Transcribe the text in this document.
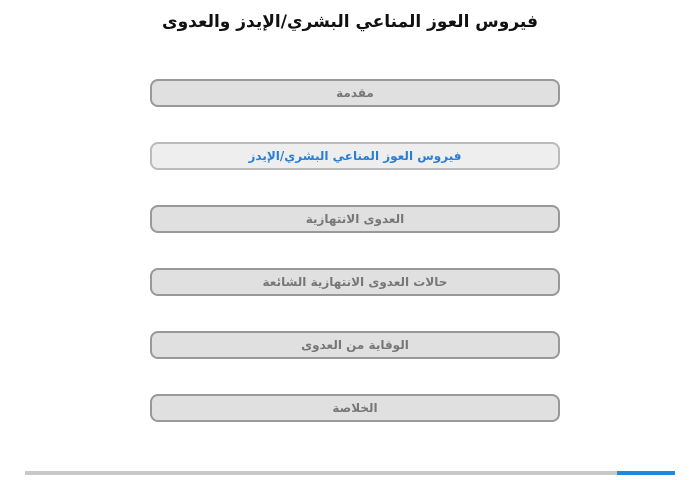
فيروس العوز المناعي البشري/الإيدز والعدوى
مقدمة
فيروس العوز المناعي البشري/الإيدز
العدوى الانتهازية
حالات العدوى الانتهازية الشائعة
الوقاية من العدوى
الخلاصة
